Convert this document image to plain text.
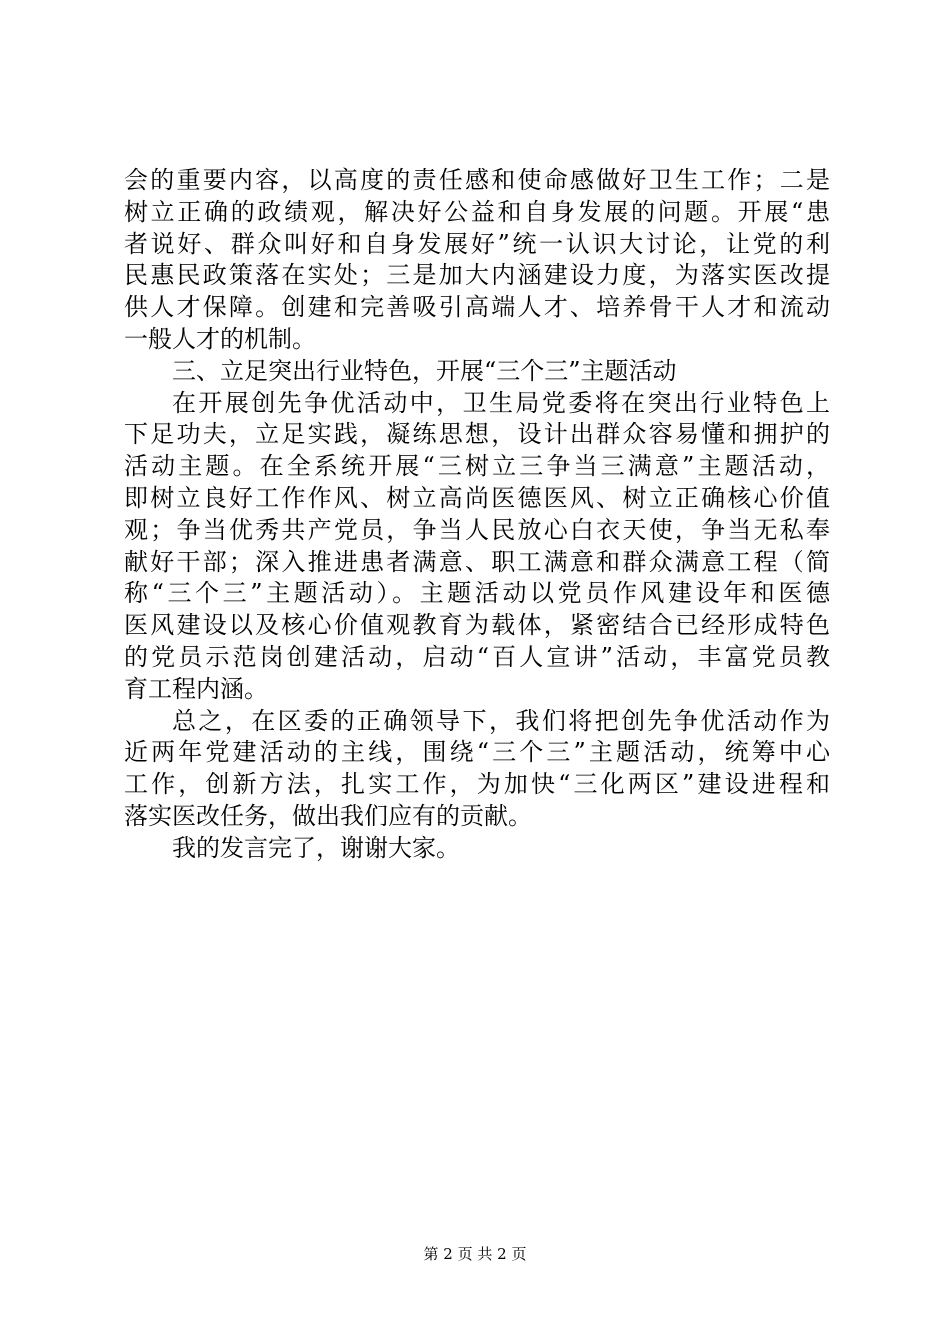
会的重要内容，以高度的责任感和使命感做好卫生工作；二是
树立正确的政绩观，解决好公益和自身发展的问题。开展“患
者说好、群众叫好和自身发展好”统一认识大讨论，让党的利
民惠民政策落在实处；三是加大内涵建设力度，为落实医改提
供人才保障。创建和完善吸引高端人才、培养骨干人才和流动
一般人才的机制。
三、立足突出行业特色，开展“三个三”主题活动
在开展创先争优活动中，卫生局党委将在突出行业特色上
下足功夫，立足实践，凝练思想，设计出群众容易懂和拥护的
活动主题。在全系统开展“三树立三争当三满意”主题活动，
即树立良好工作作风、树立高尚医德医风、树立正确核心价值
观；争当优秀共产党员，争当人民放心白衣天使，争当无私奉
献好干部；深入推进患者满意、职工满意和群众满意工程（简
称“三个三”主题活动）。主题活动以党员作风建设年和医德
医风建设以及核心价值观教育为载体，紧密结合已经形成特色
的党员示范岗创建活动，启动“百人宣讲”活动，丰富党员教
育工程内涵。
总之，在区委的正确领导下，我们将把创先争优活动作为
近两年党建活动的主线，围绕“三个三”主题活动，统筹中心
工作，创新方法，扎实工作，为加快“三化两区”建设进程和
落实医改任务，做出我们应有的贡献。
我的发言完了，谢谢大家。
第 2 页 共 2 页
